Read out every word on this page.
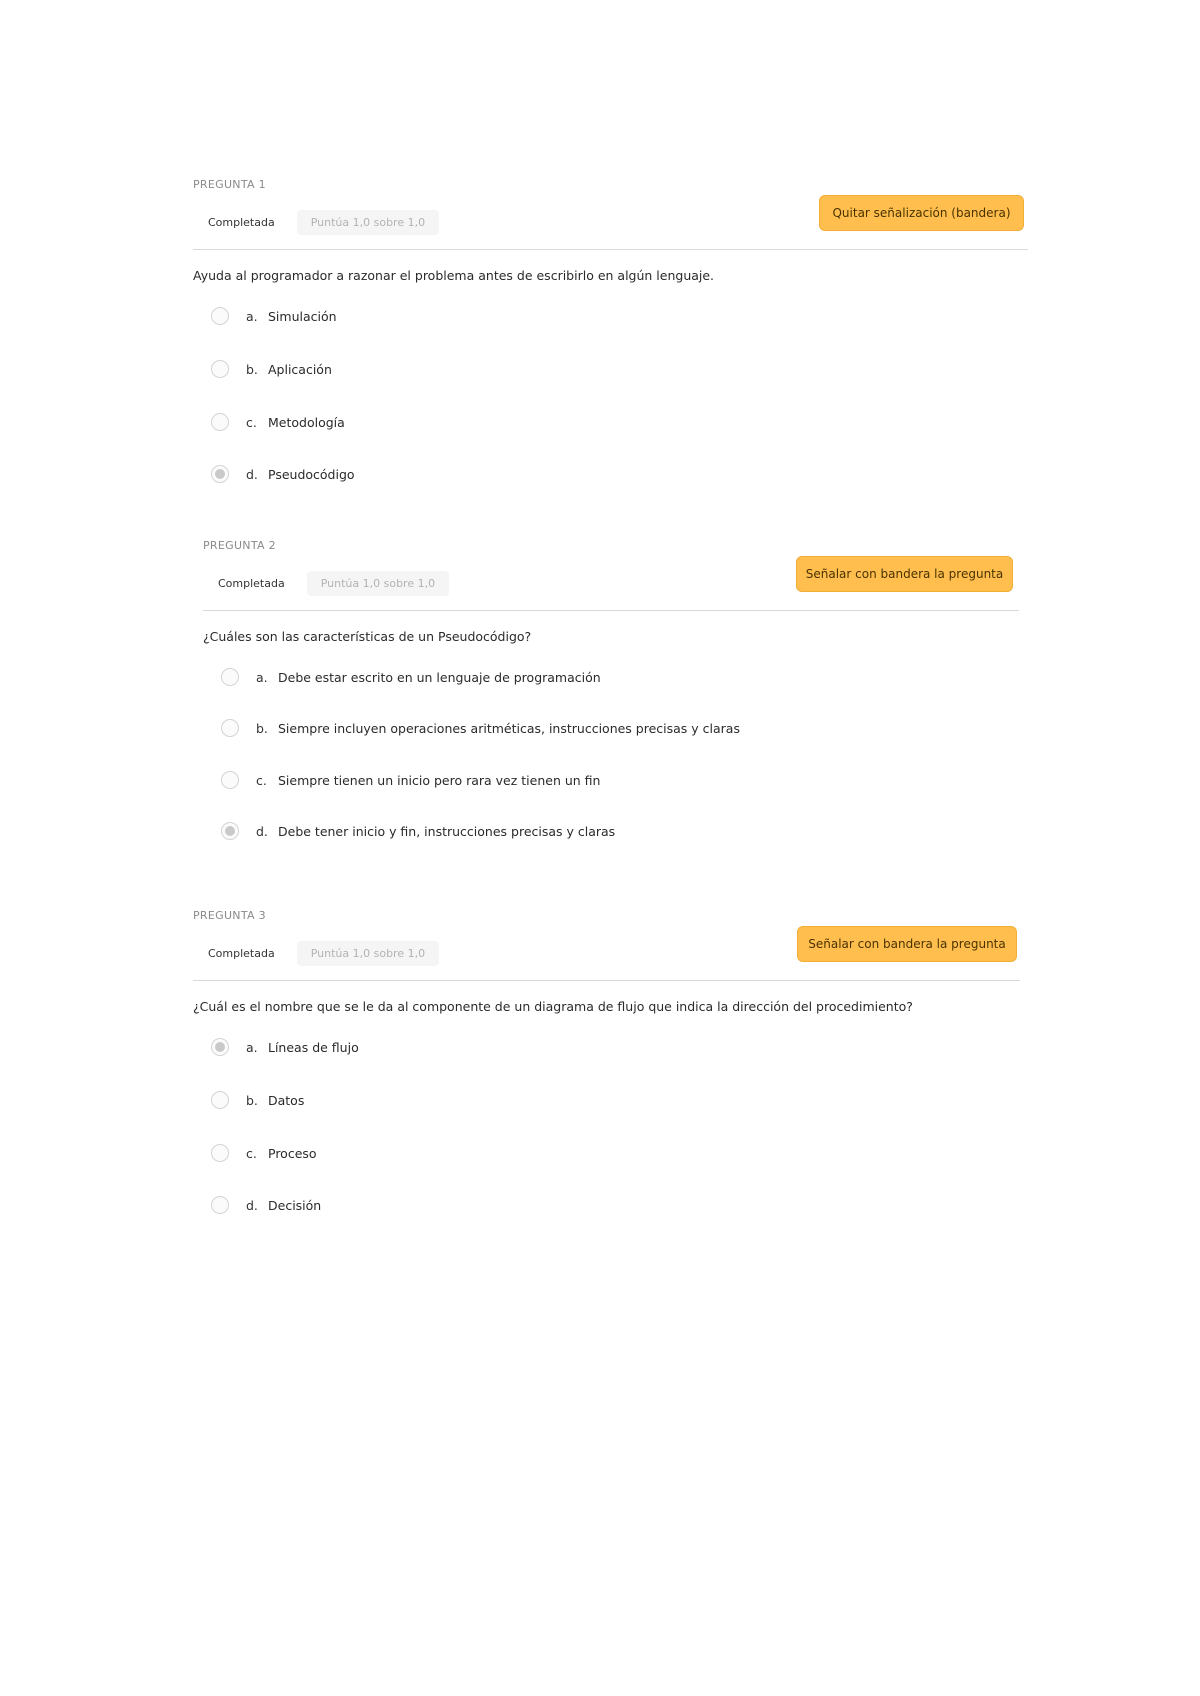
PREGUNTA 1
Completada	Puntúa 1,0 sobre 1,0
Quitar señalización (bandera)
Ayuda al programador a razonar el problema antes de escribirlo en algún lenguaje.
a. Simulación
b. Aplicación
c. Metodología
d. Pseudocódigo
PREGUNTA 2
Completada	Puntúa 1,0 sobre 1,0
Señalar con bandera la pregunta
¿Cuáles son las características de un Pseudocódigo?
a. Debe estar escrito en un lenguaje de programación
b. Siempre incluyen operaciones aritméticas, instrucciones precisas y claras
c. Siempre tienen un inicio pero rara vez tienen un fin
d. Debe tener inicio y fin, instrucciones precisas y claras
PREGUNTA 3
Completada	Puntúa 1,0 sobre 1,0
Señalar con bandera la pregunta
¿Cuál es el nombre que se le da al componente de un diagrama de flujo que indica la dirección del procedimiento?
a. Líneas de flujo
b. Datos
c. Proceso
d. Decisión
